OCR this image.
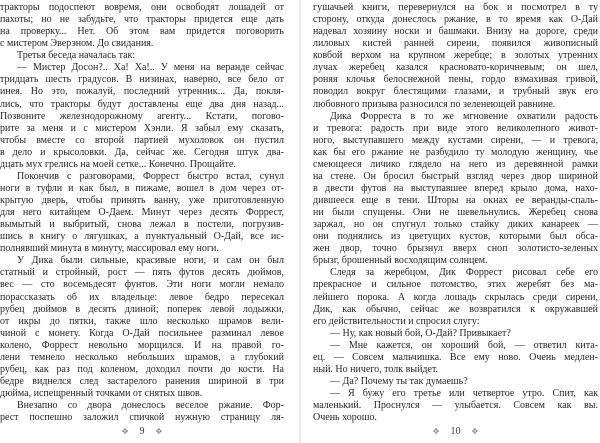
тракторы подоспеют вовремя, они освободят лошадей от
пахоты; но не забудьте, что тракторы придется еще дать
на проверку... Нет. Об этом вам придется поговорить
с мистером Эверэном. До свидания.
Третья беседа началась так:
— Мистер Досон?.. Ха! Ха!.. У меня на веранде сейчас
тридцать шесть градусов. В низинах, наверно, все бело от
инея. Но это, пожалуй, последний утренник... Да, покля-
лись, что тракторы будут доставлены еще два дня назад...
Позвоните железнодорожному агенту... Кстати, погово-
рите за меня и с мистером Хэнли. Я забыл ему сказать,
чтобы вместе со второй партией мухоловок он пустил
в дело и крысоловки. Да, сейчас же. Сегодня штук два-
дцать мух грелись на моей сетке... Конечно. Прощайте.
Покончив с разговорами, Форрест быстро встал, сунул
ноги в туфли и как был, в пижаме, вошел в дом через от-
крытую дверь, чтобы принять ванну, уже приготовленную
для него китайцем О-Даем. Минут через десять Форрест,
вымытый и выбритый, снова лежал в постели, погрузив-
шись в книгу о лягушках, а пунктуальный О-Дай, все ис-
полнявший минута в минуту, массировал ему ноги.
У Дика были сильные, красивые ноги, и сам он был
статный и стройный, рост — пять футов десять дюймов,
вес — сто восемьдесят фунтов. Эти ноги могли немало
порассказать об их владельце: левое бедро пересекал
рубец дюймов в десять длиной; поперек левой лодыжки,
от икры до пятки, также шло несколько шрамов вели-
чиной с монету. Когда О-Дай посильнее разминал левое
колено, Форрест невольно морщился. И на правой го-
лени темнело несколько небольших шрамов, а глубокий
рубец, как раз под коленом, доходил почти до кости. На
бедре виднелся след застарелого ранения шириной в три
дюйма, испещренный точками от снятых швов.
Внезапно со двора донеслось веселое ржание. Фор-
рест поспешно заложил спичкой нужную страницу ля-
✥ 9 ✥
гушачьей книги, перевернулся на бок и посмотрел в ту
сторону, откуда донеслось ржание, в то время как О-Дай
надевал хозяину носки и башмаки. Внизу на дороге, среди
лиловых кистей ранней сирени, появился живописный
ковбой верхом на крупном жеребце; в золотых утренних
лучах жеребец казался красновато-коричневым; он шел,
роняя клочья белоснежной пены, гордо взмахивая гривой,
поводил вокруг блестящими глазами, и трубный звук его
любовного призыва разносился по зеленеющей равнине.
Дика Форреста в то же мгновение охватили радость
и тревога: радость при виде этого великолепного живот-
ного, выступавшего между кустами сирени, — и тревога,
как бы его ржание не разбудило ту молодую женщину, чье
смеющееся личико глядело на него из деревянной рамки
на стене. Он бросил быстрый взгляд через двор шириной
в двести футов на выступавшее вперед крыло дома, нахо-
дившееся еще в тени. Шторы на окнах ее веранды-спаль-
ни были спущены. Они не шевельнулись. Жеребец снова
заржал, но он спугнул только стайку диких канареек —
они поднялись из цветущих кустов, которыми был обса-
жен двор, точно брызнул вверх сноп золотисто-зеленых
брызг, брошенный восходящим солнцем.
Следя за жеребцом, Дик Форрест рисовал себе его
прекрасное и сильное потомство, этих жеребят без ма-
лейшего порока. А когда лошадь скрылась среди сирени,
Дик, как обычно, сейчас же возвратился к окружавшей
его действительности и спросил слугу:
— Ну, как новый бой, О-Дай? Привыкает?
— Мне кажется, он хороший бой, — ответил кита-
ец. — Совсем мальчишка. Все ему ново. Очень медлен-
ный. Но ничего, толк выйдет.
— Да? Почему ты так думаешь?
— Я бужу его третье или четвертое утро. Спит, как
маленький. Проснулся — улыбается. Совсем как вы.
Очень хорошо.
✥ 10 ✥
